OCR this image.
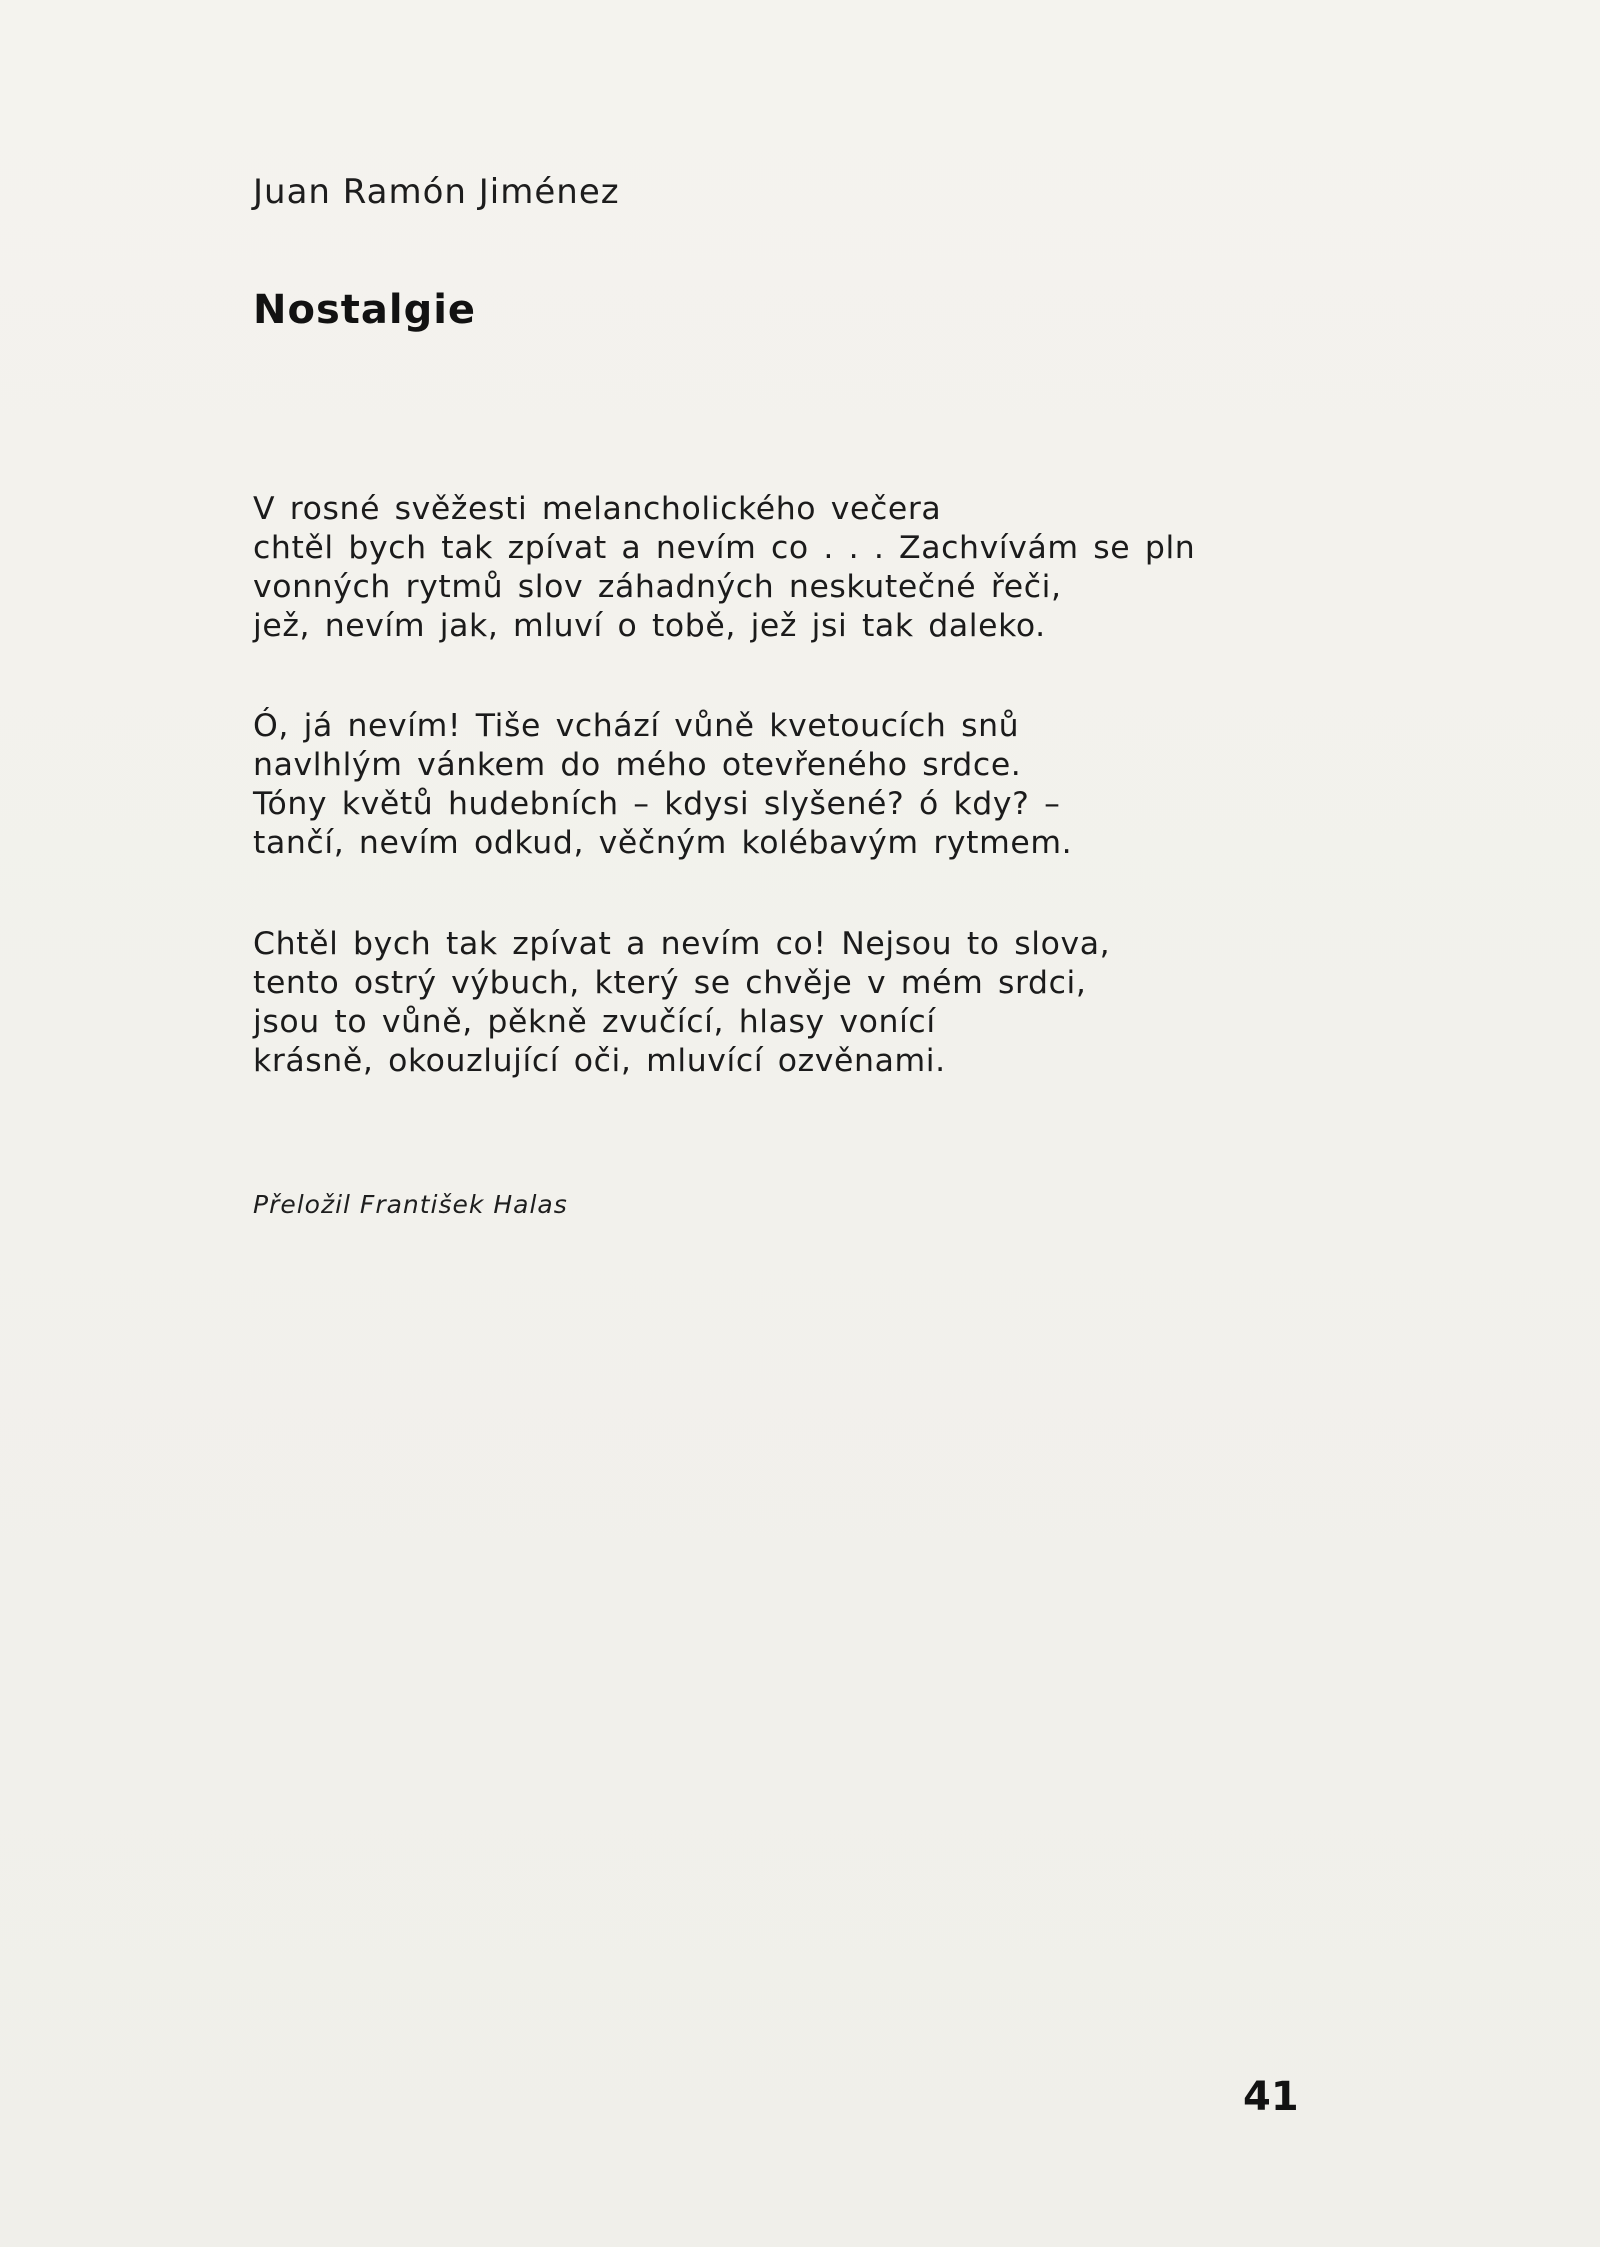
Juan Ramón Jiménez
Nostalgie
V rosné svěžesti melancholického večera
chtěl bych tak zpívat a nevím co . . . Zachvívám se pln
vonných rytmů slov záhadných neskutečné řeči,
jež, nevím jak, mluví o tobě, jež jsi tak daleko.
Ó, já nevím! Tiše vchází vůně kvetoucích snů
navlhlým vánkem do mého otevřeného srdce.
Tóny květů hudebních – kdysi slyšené? ó kdy? –
tančí, nevím odkud, věčným kolébavým rytmem.
Chtěl bych tak zpívat a nevím co! Nejsou to slova,
tento ostrý výbuch, který se chvěje v mém srdci,
jsou to vůně, pěkně zvučící, hlasy vonící
krásně, okouzlující oči, mluvící ozvěnami.
Přeložil František Halas
41
